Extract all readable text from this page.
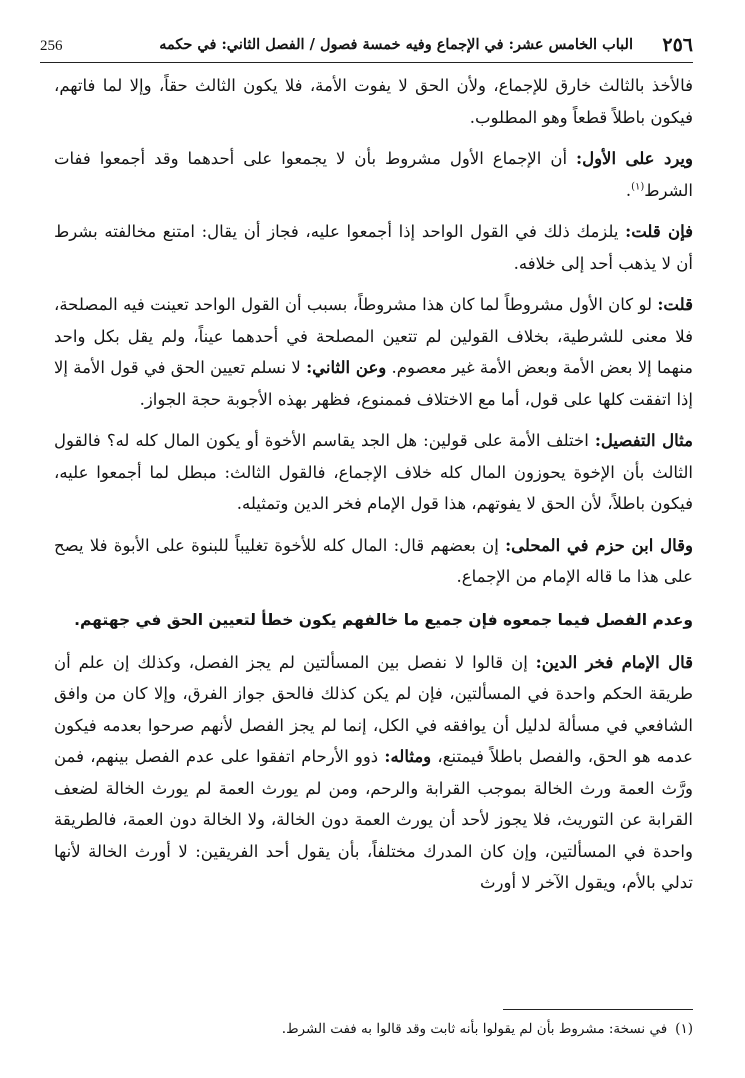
٢٥٦
الباب الخامس عشر: في الإجماع وفيه خمسة فصول / الفصل الثاني: في حكمه
256

فالأخذ بالثالث خارق للإجماع، ولأن الحق لا يفوت الأمة، فلا يكون الثالث حقاً، وإلا لما فاتهم، فيكون باطلاً قطعاً وهو المطلوب.

ويرد على الأول: أن الإجماع الأول مشروط بأن لا يجمعوا على أحدهما وقد أجمعوا ففات الشرط$^{(١)}$.

فإن قلت: يلزمك ذلك في القول الواحد إذا أجمعوا عليه، فجاز أن يقال: امتنع مخالفته بشرط أن لا يذهب أحد إلى خلافه.

قلت: لو كان الأول مشروطاً لما كان هذا مشروطاً، بسبب أن القول الواحد تعينت فيه المصلحة، فلا معنى للشرطية، بخلاف القولين لم تتعين المصلحة في أحدهما عيناً، ولم يقل بكل واحد منهما إلا بعض الأمة وبعض الأمة غير معصوم. وعن الثاني: لا نسلم تعيين الحق في قول الأمة إلا إذا اتفقت كلها على قول، أما مع الاختلاف فممنوع، فظهر بهذه الأجوبة حجة الجواز.

مثال التفصيل: اختلف الأمة على قولين: هل الجد يقاسم الأخوة أو يكون المال كله له؟ فالقول الثالث بأن الإخوة يحوزون المال كله خلاف الإجماع، فالقول الثالث: مبطل لما أجمعوا عليه، فيكون باطلاً، لأن الحق لا يفوتهم، هذا قول الإمام فخر الدين وتمثيله.

وقال ابن حزم في المحلى: إن بعضهم قال: المال كله للأخوة تغليباً للبنوة على الأبوة فلا يصح على هذا ما قاله الإمام من الإجماع.

وعدم الفصل فيما جمعوه فإن جميع ما خالفهم يكون خطأ لتعيين الحق في جهتهم.

قال الإمام فخر الدين: إن قالوا لا نفصل بين المسألتين لم يجز الفصل، وكذلك إن علم أن طريقة الحكم واحدة في المسألتين، فإن لم يكن كذلك فالحق جواز الفرق، وإلا كان من وافق الشافعي في مسألة لدليل أن يوافقه في الكل، إنما لم يجز الفصل لأنهم صرحوا بعدمه فيكون عدمه هو الحق، والفصل باطلاً فيمتنع، ومثاله: ذوو الأرحام اتفقوا على عدم الفصل بينهم، فمن ورَّث العمة ورث الخالة بموجب القرابة والرحم، ومن لم يورث العمة لم يورث الخالة لضعف القرابة عن التوريث، فلا يجوز لأحد أن يورث العمة دون الخالة، ولا الخالة دون العمة، فالطريقة واحدة في المسألتين، وإن كان المدرك مختلفاً، بأن يقول أحد الفريقين: لا أورث الخالة لأنها تدلي بالأم، ويقول الآخر لا أورث

(١)في نسخة: مشروط بأن لم يقولوا بأنه ثابت وقد قالوا به ففت الشرط.
